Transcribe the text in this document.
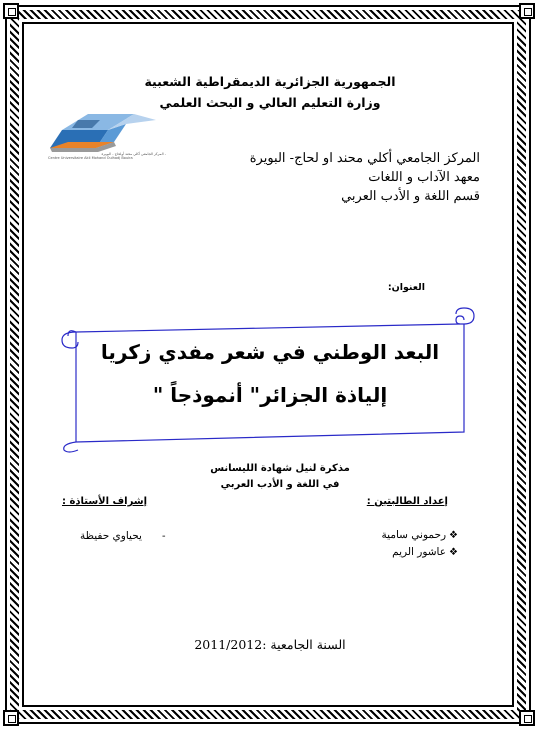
الجمهورية الجزائرية الديمقراطية الشعبية
وزارة التعليم العالي و البحث العلمي
المركز الجامعي أكلي محند أولحاج - البويرة -
Centre Universitaire Akli Mohand Oulhadj Bouira	المركز الجامعي أكلي محند او لحاج- البويرة
معهد الآداب و اللغات
قسم اللغة و الأدب العربي
العنوان:
البعد الوطني في شعر مفدي زكريا
إلياذة الجزائر" أنموذجاً "
مذكرة لنيل شهادة الليسانس
في اللغة و الأدب العربي
إعداد الطالبتين :
إشراف الأستاذة :
❖رحموني سامية
❖عاشور الريم
-
يحياوي حفيظة
السنة الجامعية :2011/2012
